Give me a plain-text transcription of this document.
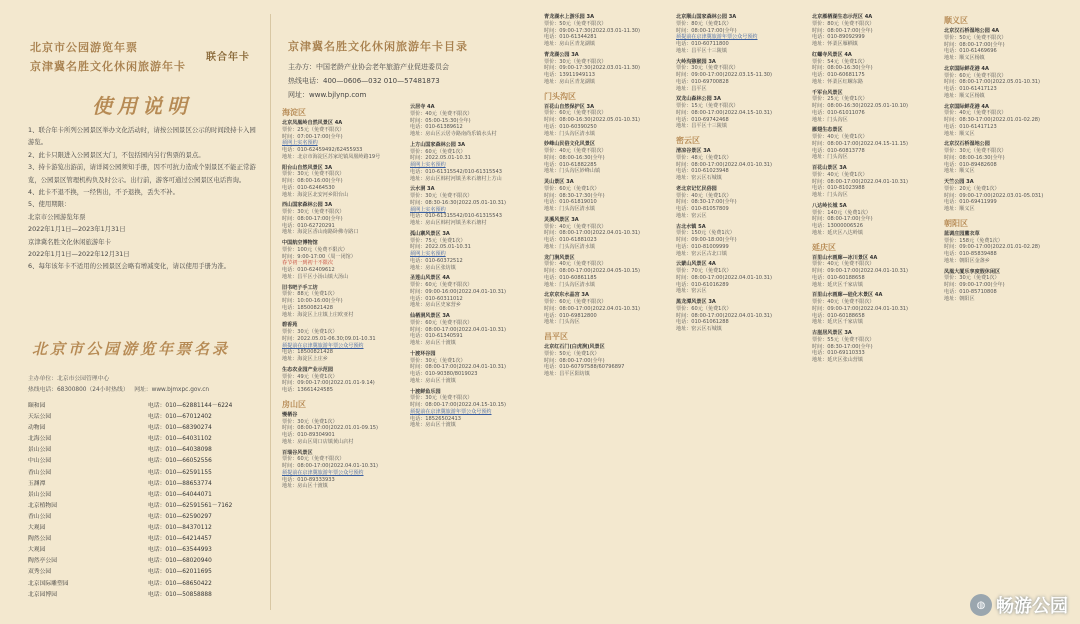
北京市公园游览年票
京津冀名胜文化休闲旅游年卡
联合年卡
京津冀名胜文化休闲旅游年卡目录
主办方：中国老龄产业协会老年旅游产业促进委员会
热线电话：400—0606—032 010—57481873
网址：www.bjlynp.com
使用说明
1、联合年卡所列公园景区举办文化活动时，请按公园景区公示的时间段持卡入园游览。
2、此卡只限进入公园景区大门，不包括园内另行售票的景点。
3、持卡游览出游前，请详阅公园须知手册，因不可抗力造成个别景区不能正常游览，公园景区管理机构负及时公示。出行前，游客可通过公园景区电话咨询。
4、此卡不退不换，一经售出，不予退换，丢失不补。
5、使用期限：
北京市公园游览年票
2022年1月1日—2023年1月31日
京津冀名胜文化休闲旅游年卡
2022年1月1日—2022年12月31日
6、每年该年卡不适用的公园景区会略有增减变化，请以使用手册为准。
北京市公园游览年票名录
主办单位：北京市公园管理中心
热线电话：68300800（24小时热线） 网址：www.bjmxpc.gov.cn
颐和园	电话：010—62881144－6224
天坛公园	电话：010—67012402
动物园	电话：010—68390274
北海公园	电话：010—64031102
景山公园	电话：010—64038098
中山公园	电话：010—66052556
香山公园	电话：010—62591155
玉渊潭	电话：010—88653774
景山公园	电话：010—64044071
北京植物园	电话：010—62591561－7162
香山公园	电话：010—62590297
大观园	电话：010—84370112
陶然公园	电话：010—64214457
大观园	电话：010—63544993
陶然亭公园	电话：010—68020940
双秀公园	电话：010—62011695
北京国际雕塑园	电话：010—68650422
北京园博园	电话：010—50858888
海淀区
北京凤凰岭自然风景区 4A
票价：25元（免费不限次）
时间：07:00-17:00(全年)
须网上实名预约
电话：010-62459492/62455933
地址：北京市海淀区苏家坨镇凤凰岭路19号
阳台山自然风景区 3A
票价：30元（免费不限次）
时间：08:00-16:00(全年)
电话：010-62464530
地址：海淀区北安河乡阳台山
西山国家森林公园 3A
票价：30元（免费不限次）
时间：08:00-17:00(全年)
电话：010-62720291
地址：海淀区香山南路卧佛寺路口
中国航空博物馆
票价：100元（免费不限次）
时间：9:00-17:00（周一闭馆）
春节初一到初十不限次
电话：010-62409612
地址：昌平区小汤山镇大汤山
旧书吧子手工坊
票价：88元（免费1次）
时间：10:00-16:00(全年)
电话：18500821428
地址：海淀区上庄镇上庄欧亚村
碧香苑
票价：30元（免费1次）
时间：2022.05.01-06.30;09.01-10.31
须提前在京津冀旅游年票公众号预约
电话：18500821428
地址：海淀区上庄乡
生态农业园产业示范园
票价：49元（免费1次）
时间：09:00-17:00(2022.01.01-9.14)
电话：13661424585
房山区
慢栖谷
票价：30元（免费1次）
时间：08:00-17:00(2022.01.01-09.15)
电话：010-89304901
地址：房山区周口店镇黄山店村
百瑞谷风景区
票价：60元（免费不限次）
时间：08:00-17:00(2022.04.01-10.31)
须提前在京津冀旅游年票公众号预约
电话：010-89333933
地址：房山区十渡镇
云居寺 4A
票价：40元（免费不限次）
时间：05:00-15:30(全年)
电话：010-61389612
地址：房山区云居寺路南尚乐镇水头村
上方山国家森林公园 3A
票价：60元（免费1次）
时间：2022.05.01-10.31
须网上实名预约
电话：010-61315542/010-61315543
地址：房山区韩村河镇圣米石塘村上方山
云水洞 3A
票价：30元（免费不限次）
时间：08:30-16:30(2022.05.01-10.31)
须网上实名预约
电话：010-61315542/010-61315543
地址：房山区韩村河镇圣米石塘村
孤山寨风景区 3A
票价：75元（免费1次）
时间：2022.05.01-10.31
须网上实名预约
电话：010-60372512
地址：房山区张坊镇
圣莲山风景区 4A
票价：60元（免费不限次）
时间：09:00-16:00(2022.04.01-10.31)
电话：010-60311012
地址：房山区史家营乡
仙栖洞风景区 3A
票价：60元（免费不限次）
时间：08:00-17:00(2022.04.01-10.31)
电话：010-61340591
地址：房山区十渡镇
十渡环谷园
票价：30元（免费1次）
时间：08:00-17:00(2022.04.01-10.31)
电话：010-90380/8019023
地址：房山区十渡镇
十渡鲜鱼乐园
票价：30元（免费不限次）
时间：08:00-17:00(2022.04.15-10.15)
须提前在京津冀旅游年票公众号预约
电话：18526502413
地址：房山区十渡镇
青龙湖水上游乐园 3A
票价：50元（免费不限次）
时间：09:00-17:30(2022.03.01-11.30)
电话：010-61344281
地址：房山区青龙湖镇
青龙湖公园 3A
票价：30元（免费不限次）
时间：09:00-17:30(2022.03.01-11.30)
电话：13911949113
地址：房山区青龙湖镇
门头沟区
百花山自然保护区 3A
票价：60元（免费不限次）
时间：08:00-16:30(2022.05.01-10.31)
电话：010-60390250
地址：门头沟区清水镇
妙峰山民俗文化风景区
票价：40元（免费不限次）
时间：08:00-16:30(全年)
电话：010-61882285
地址：门头沟区妙峰山镇
灵山景区 3A
票价：60元（免费1次）
时间：08:30-17:30(全年)
电话：010-61819010
地址：门头沟区清水镇
灵溪风景区 3A
票价：40元（免费不限次）
时间：08:00-17:00(2022.04.01-10.31)
电话：010-61881023
地址：门头沟区清水镇
龙门涧风景区
票价：40元（免费不限次）
时间：08:00-17:00(2022.04.05-10.15)
电话：010-60861185
地址：门头沟区清水镇
北京京东水晶宫 3A
票价：60元（免费不限次）
时间：08:00-17:00(2022.04.01-10.31)
电话：010-69812800
地址：门头沟区
昌平区
北京红石门(白虎涧)风景区
票价：50元（免费1次）
时间：08:00-17:00(全年)
电话：010-60797588/60796897
地址：昌平区阳坊镇
北京顺山国家森林公园 3A
票价：80元（免费1次）
时间：08:00-17:00(全年)
须提前在京津冀旅游年票公众号预约
电话：010-60711800
地址：昌平区十三陵镇
大岭沟猕猴园 3A
票价：30元（免费不限次）
时间：09:00-17:00(2022.03.15-11.30)
电话：010-69700828
地址：昌平区
双龙山森林公园 3A
票价：15元（免费不限次）
时间：08:00-17:00(2022.04.15-10.31)
电话：010-69742468
地址：昌平区十三陵镇
密云区
清凉谷景区 3A
票价：48元（免费1次）
时间：08:00-17:00(2022.04.01-10.31)
电话：010-61023948
地址：密云区石城镇
老北京记忆民俗园
票价：40元（免费1次）
时间：08:30-17:00(全年)
电话：010-81057809
地址：密云区
古北水镇 5A
票价：150元（免费1次）
时间：09:00-18:00(全年)
电话：010-81009999
地址：密云区古北口镇
云蒙山风景区 4A
票价：70元（免费1次）
时间：08:00-17:00(2022.04.01-10.31)
电话：010-61016289
地址：密云区
黑龙潭风景区 3A
票价：60元（免费1次）
时间：08:00-17:00(2022.04.01-10.31)
电话：010-61061288
地址：密云区石城镇
北京雁栖湖生态示范区 4A
票价：80元（免费不限次）
时间：08:00-17:00(全年)
电话：010-89092999
地址：怀柔区雁栖镇
红螺寺风景区 4A
票价：54元（免费1次）
时间：08:00-16:30(全年)
电话：010-60681175
地址：怀柔区红螺东路
千军台风景区
票价：25元（免费1次）
时间：08:00-16:30(2022.05.01-10.10)
电话：010-61011076
地址：门头沟区
雁翅生态景区
票价：40元（免费1次）
时间：08:00-17:00(2022.04.15-11.15)
电话：010-60813778
地址：门头沟区
百花山景区 3A
票价：40元（免费1次）
时间：08:00-17:00(2022.04.01-10.31)
电话：010-81023988
地址：门头沟区
八达岭长城 5A
票价：140元（免费1次）
时间：08:00-17:00(全年)
电话：13000006526
地址：延庆区八达岭镇
延庆区
百里山水画廊—冰川景区 4A
票价：40元（免费不限次）
时间：09:00-17:00(2022.04.01-10.31)
电话：010-60188658
地址：延庆区千家店镇
百里山水画廊—硅化木景区 4A
票价：40元（免费不限次）
时间：09:00-17:00(2022.04.01-10.31)
电话：010-60188658
地址：延庆区千家店镇
古崖居风景区 3A
票价：55元（免费不限次）
时间：08:30-17:00(全年)
电话：010-69110333
地址：延庆区张山营镇
顺义区
北京汉石桥湿地公园 4A
票价：50元（免费不限次）
时间：08:00-17:00(全年)
电话：010-61469696
地址：顺义区杨镇
北京国际鲜花港 4A
票价：60元（免费不限次）
时间：08:00-17:00(2022.05.01-10.31)
电话：010-61417123
地址：顺义区杨镇
北京国际鲜花港 4A
票价：40元（免费不限次）
时间：08:30-17:00(2022.01.01-02.28)
电话：010-61417123
地址：顺义区
北京汉石桥湿地公园
票价：30元（免费不限次）
时间：08:00-16:30(全年)
电话：010-89482608
地址：顺义区
天竺公园 3A
票价：20元（免费1次）
时间：09:00-17:00(2022.03.01-05.031)
电话：010-69411999
地址：顺义区
朝阳区
蓝调庄园薰衣草
票价：158元（免费1次）
时间：09:00-17:00(2022.01.01-02.28)
电话：010-85839488
地址：朝阳区金盏乡
凤凰大厦乐享度假休闲区
票价：30元（免费1次）
时间：09:00-17:00(全年)
电话：010-85710808
地址：朝阳区
◍ 畅游公园
